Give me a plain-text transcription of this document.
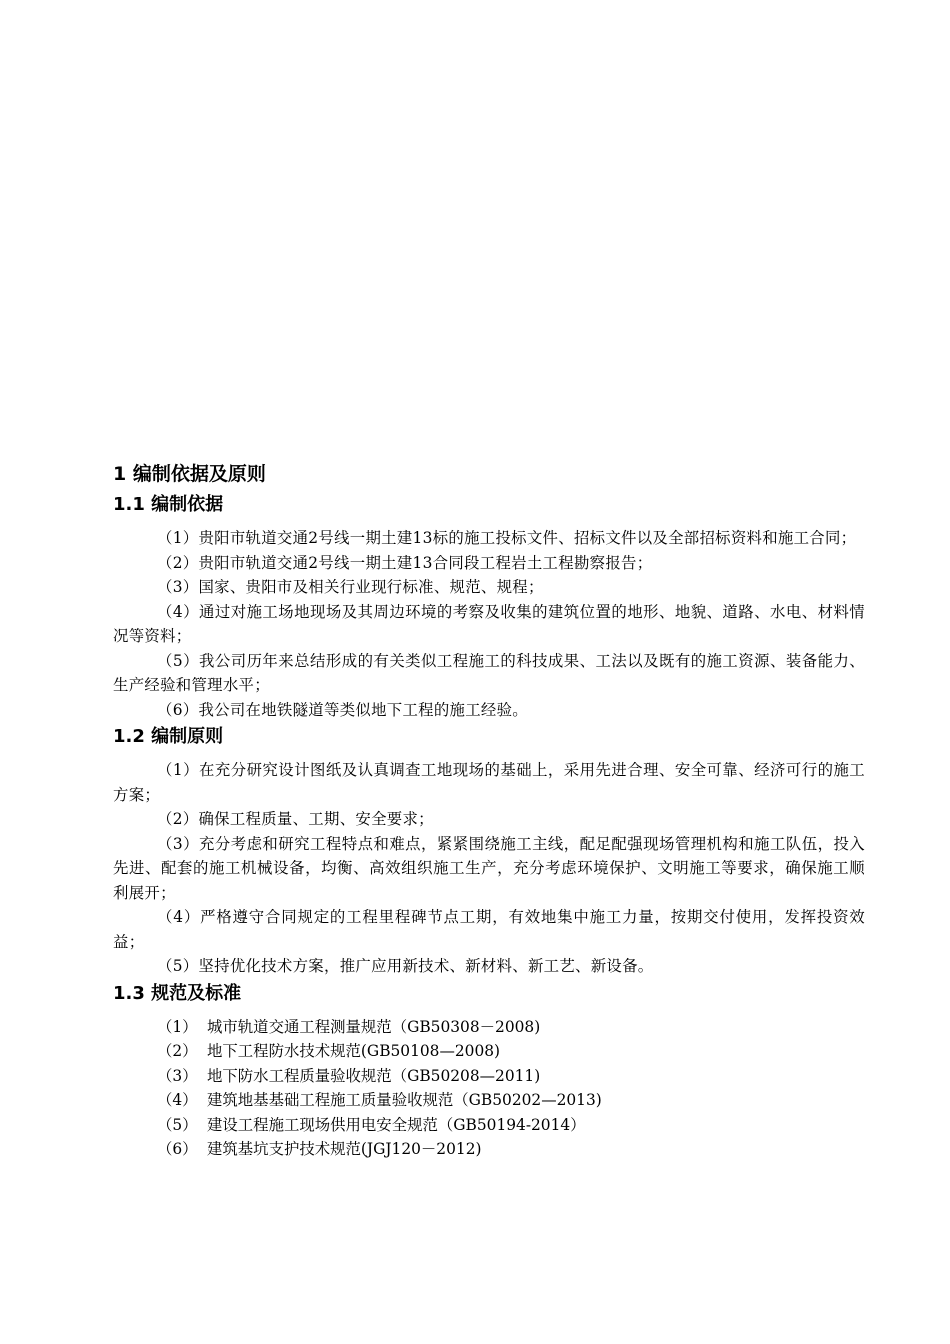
1 编制依据及原则
1.1 编制依据

（1）贵阳市轨道交通2号线一期土建13标的施工投标文件、招标文件以及全部招标资料和施工合同；

（2）贵阳市轨道交通2号线一期土建13合同段工程岩土工程勘察报告；

（3）国家、贵阳市及相关行业现行标准、规范、规程；

（4）通过对施工场地现场及其周边环境的考察及收集的建筑位置的地形、地貌、道路、水电、材料情况等资料；

（5）我公司历年来总结形成的有关类似工程施工的科技成果、工法以及既有的施工资源、装备能力、生产经验和管理水平；

（6）我公司在地铁隧道等类似地下工程的施工经验。

1.2 编制原则

（1）在充分研究设计图纸及认真调查工地现场的基础上，采用先进合理、安全可靠、经济可行的施工方案；

（2）确保工程质量、工期、安全要求；

（3）充分考虑和研究工程特点和难点，紧紧围绕施工主线，配足配强现场管理机构和施工队伍，投入先进、配套的施工机械设备，均衡、高效组织施工生产，充分考虑环境保护、文明施工等要求，确保施工顺利展开；

（4）严格遵守合同规定的工程里程碑节点工期，有效地集中施工力量，按期交付使用，发挥投资效益；

（5）坚持优化技术方案，推广应用新技术、新材料、新工艺、新设备。

1.3 规范及标准
（1） 城市轨道交通工程测量规范（GB50308－2008)
（2） 地下工程防水技术规范(GB50108—2008)
（3） 地下防水工程质量验收规范（GB50208—2011)
（4） 建筑地基基础工程施工质量验收规范（GB50202—2013)
（5） 建设工程施工现场供用电安全规范（GB50194-2014）
（6） 建筑基坑支护技术规范(JGJ120－2012)
